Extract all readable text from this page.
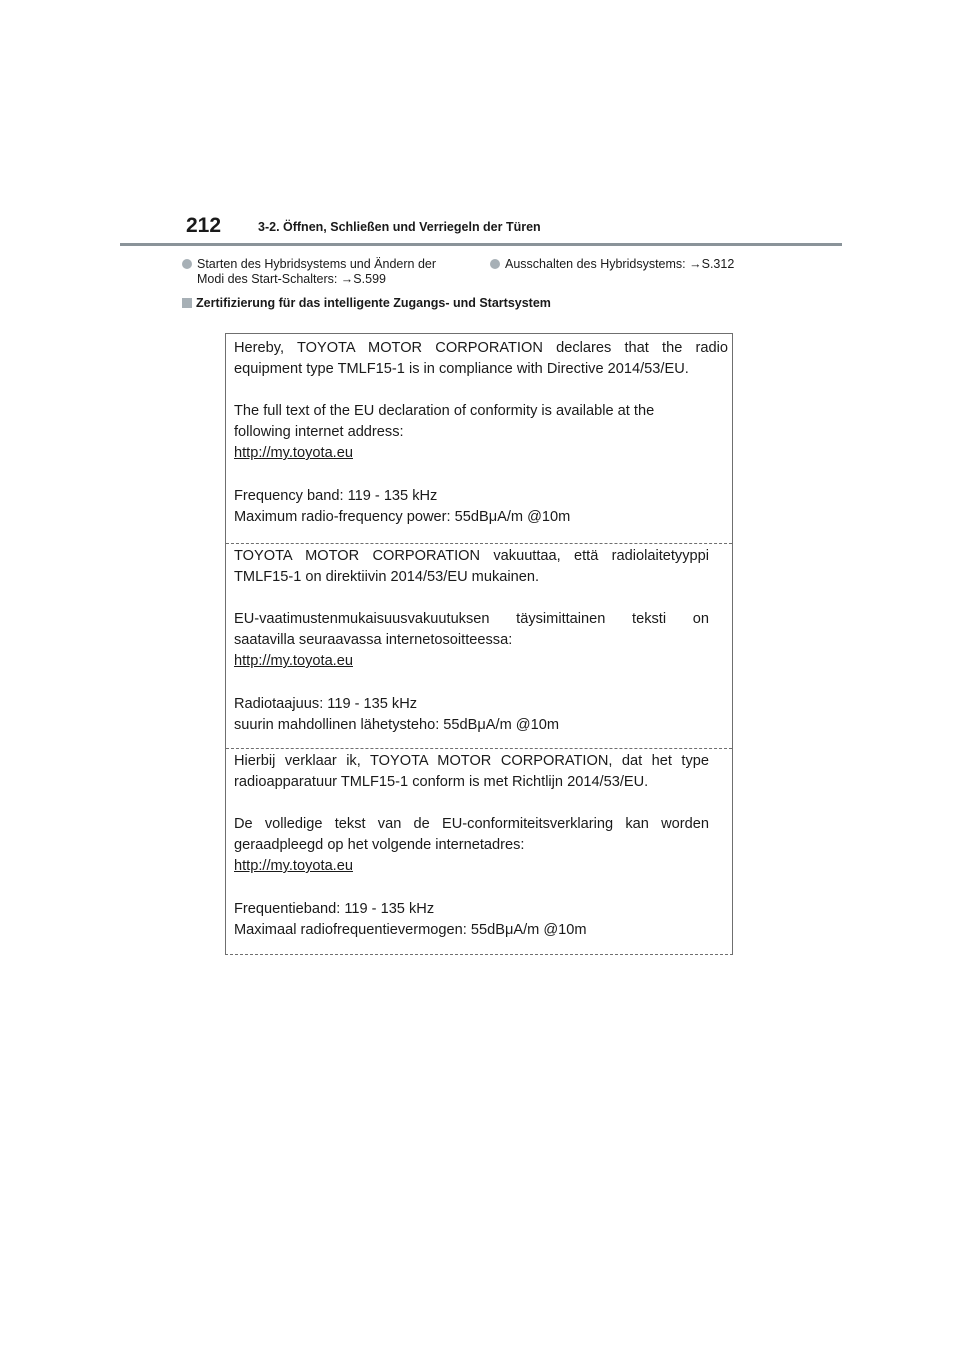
212	3-2. Öffnen, Schließen und Verriegeln der Türen
Starten des Hybridsystems und Ändern der
Modi des Start-Schalters: →S.599
Ausschalten des Hybridsystems: →S.312
Zertifizierung für das intelligente Zugangs- und Startsystem
Hereby, TOYOTA MOTOR CORPORATION declares that the radio
equipment type TMLF15-1 is in compliance with Directive 2014/53/EU.
The full text of the EU declaration of conformity is available at the
following internet address:
http://my.toyota.eu
Frequency band: 119 - 135 kHz
Maximum radio-frequency power: 55dBμA/m @10m
TOYOTA MOTOR CORPORATION vakuuttaa, että radiolaitetyyppi
TMLF15-1 on direktiivin 2014/53/EU mukainen.
EU-vaatimustenmukaisuusvakuutuksen täysimittainen teksti on
saatavilla seuraavassa internetosoitteessa:
http://my.toyota.eu
Radiotaajuus: 119 - 135 kHz
suurin mahdollinen lähetysteho: 55dBμA/m @10m
Hierbij verklaar ik, TOYOTA MOTOR CORPORATION, dat het type
radioapparatuur TMLF15-1 conform is met Richtlijn 2014/53/EU.
De volledige tekst van de EU-conformiteitsverklaring kan worden
geraadpleegd op het volgende internetadres:
http://my.toyota.eu
Frequentieband: 119 - 135 kHz
Maximaal radiofrequentievermogen: 55dBμA/m @10m
